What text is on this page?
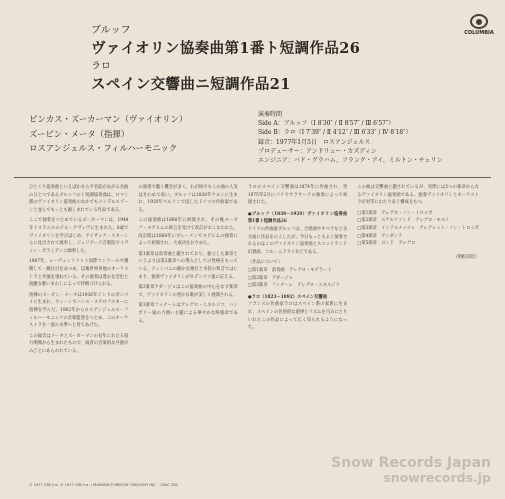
ブルッフ
ヴァイオリン協奏曲第1番ト短調作品26
ラロ
スペイン交響曲ニ短調作品21
COLUMBIA
ピンカス・ズーカーマン（ヴァイオリン）
ズービン・メータ（指揮）
ロスアンジェルス・フィルハーモニック
演奏時間
Side A：ブルッフ（Ⅰ 8′30″ / Ⅱ 8′57″ / Ⅲ 6′57″）
Side B：ラロ（Ⅰ 7′39″ / Ⅱ 4′12″ / Ⅲ 6′33″ / Ⅳ 8′18″）
録音：1977年1月5日　ロスアンジェルス
プロデューサー：アンドリュー・カズディン
エンジニア：バド・グラハム、フランク・アイ、ミルトン・チェリン

ひとくち協奏曲といえばかならず名前があがる名曲のひとつであるブルッフのト短調協奏曲は、ロマン派のヴァイオリン協奏曲のなかでもメンデルスゾーンと並んでもっとも親しまれている作品である。

ここで独奏をつとめているズーカーマンは、1948年イスラエルのテル・アヴィヴに生まれた。8歳でヴァイオリンを学びはじめ、アイザック・スターンらに見出されて渡米し、ジュリアード音楽院でイヴァン・ガラミアンに師事した。

1967年、レーヴェントリット国際コンクールで優勝して一躍注目をあつめ、以後世界各地のオーケストラと共演を重ねている。その演奏は豊かな音色と流麗な歌いまわしによって特徴づけられる。

指揮のズービン・メータは1936年インドのボンベイに生まれ、ウィーンでハンス・スワロフスキーに指揮を学んだ。1962年からロスアンジェルス・フィルハーモニックの音楽監督をつとめ、このオーケストラを一流の水準へと育てあげた。

この録音はメータとズーカーマンの長年にわたる協力関係から生まれたもので、両者の音楽的な共感がみごとにあらわれている。

の演奏で聴く機会が多く、わが国でもこの曲の人気はきわめて高い。ブルッフは1838年ケルンに生まれ、1920年ベルリンで没したドイツの作曲家である。

この協奏曲は1866年に初演され、その後ヨーゼフ・ヨアヒムの助言を受けて改訂がおこなわれた。改訂版は1868年にブレーメンでヨアヒムの独奏によって初演され、大成功をおさめた。

第1楽章は前奏曲と題されており、独立した楽章というよりは第2楽章への導入としての性格をもっている。ティンパニの静かな連打と木管の和音ではじまり、独奏ヴァイオリンがカデンツァ風に応える。

第2楽章アダージョはこの協奏曲の中心をなす楽章で、ヴァイオリンの豊かな歌が美しく展開される。

第3楽章フィナーレはアレグロ・エネルジコ、ハンガリー風の力強い主題による華やかな終楽章である。

ラロのスペイン交響曲は1874年に作曲され、翌1875年2月にパリでサラサーテの独奏によって初演された。

●ブルッフ（1838－1920）ヴァイオリン協奏曲第1番ト短調作品26

ドイツの作曲家ブルッフは、合唱曲やオペラなど多方面に作品をのこしたが、今日もっともよく演奏されるのはこのヴァイオリン協奏曲とスコットランド幻想曲、コル・ニドライなどである。

（作品について）
□第1楽章　前奏曲　アレグロ・モデラート
□第2楽章　アダージョ
□第3楽章　フィナーレ　アレグロ・エネルジコ
●ラロ（1823－1892）スペイン交響曲

フランスの作曲家ラロはスペイン系の家系に生まれ、スペインの民俗的な旋律とリズムを巧みにとりいれたこの作品によって広く知られるようになった。

この曲は交響曲と題されているが、実際には5つの楽章からなるヴァイオリン協奏曲である。独奏ヴァイオリンとオーケストラが対等にわたりあう構成をもつ。

□第1楽章　アレグロ・ノン・トロッポ
□第2楽章　スケルツァンド　アレグロ・モルト
□第3楽章　インテルメッツォ　アレグレット・ノン・トロッポ
□第4楽章　アンダンテ
□第5楽章　ロンド　アレグロ
（関根信昭）
© 1977 CBS Inc. ℗ 1977 CBS Inc. / MANUFACTURED BY CBS/SONY INC.　25AC 582
Snow Records Japan
snowrecords.jp
